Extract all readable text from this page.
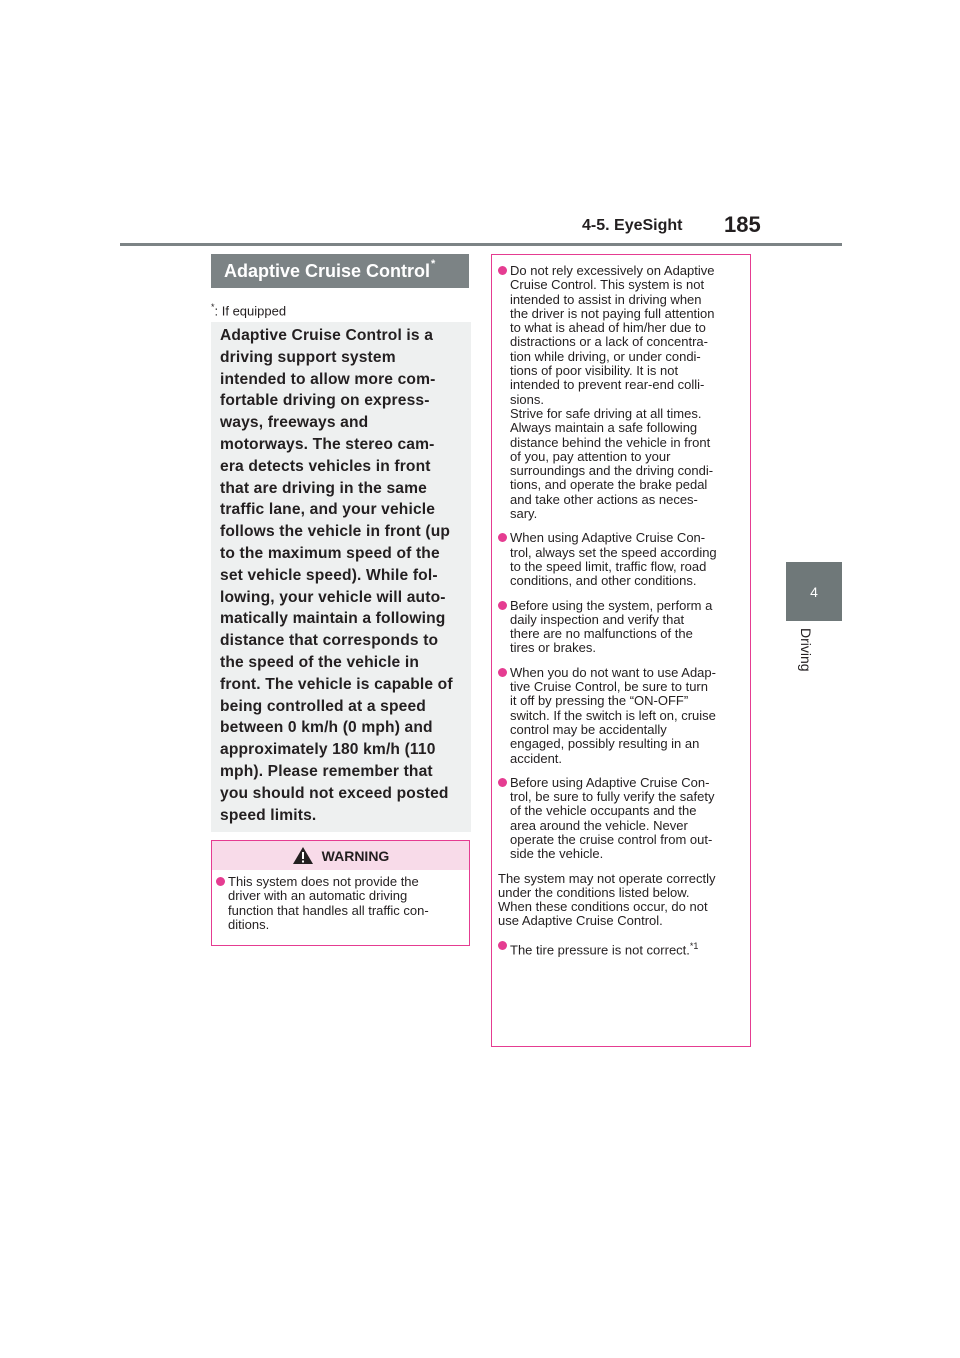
4-5. EyeSight 185
4
Driving
Adaptive Cruise Control*
*: If equipped
Adaptive Cruise Control is a
driving support system
intended to allow more com-
fortable driving on express-
ways, freeways and
motorways. The stereo cam-
era detects vehicles in front
that are driving in the same
traffic lane, and your vehicle
follows the vehicle in front (up
to the maximum speed of the
set vehicle speed). While fol-
lowing, your vehicle will auto-
matically maintain a following
distance that corresponds to
the speed of the vehicle in
front. The vehicle is capable of
being controlled at a speed
between 0 km/h (0 mph) and
approximately 180 km/h (110
mph). Please remember that
you should not exceed posted
speed limits.
WARNING

This system does not provide the
driver with an automatic driving
function that handles all traffic con-
ditions.

Do not rely excessively on Adaptive
Cruise Control. This system is not
intended to assist in driving when
the driver is not paying full attention
to what is ahead of him/her due to
distractions or a lack of concentra-
tion while driving, or under condi-
tions of poor visibility. It is not
intended to prevent rear-end colli-
sions.
Strive for safe driving at all times.
Always maintain a safe following
distance behind the vehicle in front
of you, pay attention to your
surroundings and the driving condi-
tions, and operate the brake pedal
and take other actions as neces-
sary.

When using Adaptive Cruise Con-
trol, always set the speed according
to the speed limit, traffic flow, road
conditions, and other conditions.

Before using the system, perform a
daily inspection and verify that
there are no malfunctions of the
tires or brakes.

When you do not want to use Adap-
tive Cruise Control, be sure to turn
it off by pressing the “ON-OFF”
switch. If the switch is left on, cruise
control may be accidentally
engaged, possibly resulting in an
accident.

Before using Adaptive Cruise Con-
trol, be sure to fully verify the safety
of the vehicle occupants and the
area around the vehicle. Never
operate the cruise control from out-
side the vehicle.

The system may not operate correctly
under the conditions listed below.
When these conditions occur, do not
use Adaptive Cruise Control.

The tire pressure is not correct.$^{*1}$
